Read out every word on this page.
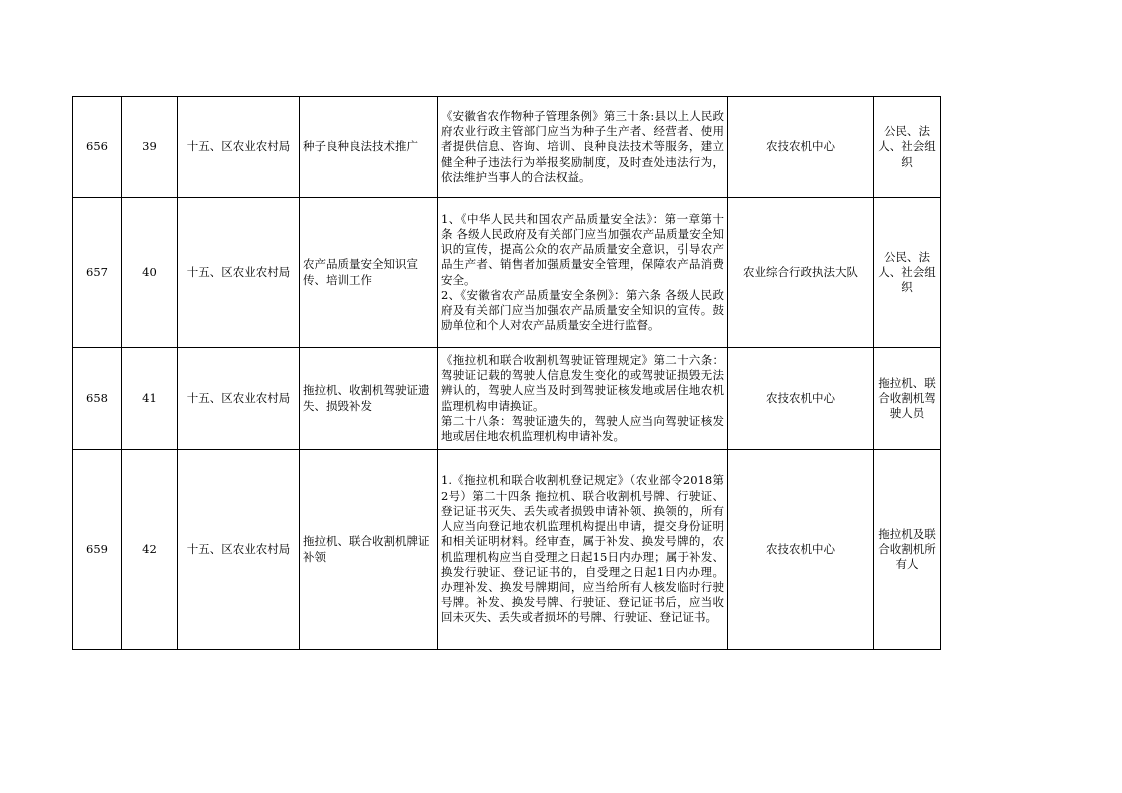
656	39	十五、区农业农村局	种子良种良法技术推广	《安徽省农作物种子管理条例》第三十条:县以上人民政府农业行政主管部门应当为种子生产者、经营者、使用者提供信息、咨询、培训、良种良法技术等服务，建立健全种子违法行为举报奖励制度，及时查处违法行为，依法维护当事人的合法权益。	农技农机中心	公民、法人、社会组织
657	40	十五、区农业农村局	农产品质量安全知识宣传、培训工作	1、《中华人民共和国农产品质量安全法》：第一章第十条 各级人民政府及有关部门应当加强农产品质量安全知识的宣传，提高公众的农产品质量安全意识，引导农产品生产者、销售者加强质量安全管理，保障农产品消费安全。
2、《安徽省农产品质量安全条例》：第六条 各级人民政府及有关部门应当加强农产品质量安全知识的宣传。鼓励单位和个人对农产品质量安全进行监督。	农业综合行政执法大队	公民、法人、社会组织
658	41	十五、区农业农村局	拖拉机、收割机驾驶证遗失、损毁补发	《拖拉机和联合收割机驾驶证管理规定》第二十六条：驾驶证记载的驾驶人信息发生变化的或驾驶证损毁无法辨认的，驾驶人应当及时到驾驶证核发地或居住地农机监理机构申请换证。
第二十八条：驾驶证遗失的，驾驶人应当向驾驶证核发地或居住地农机监理机构申请补发。	农技农机中心	拖拉机、联合收割机驾驶人员
659	42	十五、区农业农村局	拖拉机、联合收割机牌证补领	1.《拖拉机和联合收割机登记规定》（农业部令2018第2号）第二十四条 拖拉机、联合收割机号牌、行驶证、登记证书灭失、丢失或者损毁申请补领、换领的，所有人应当向登记地农机监理机构提出申请，提交身份证明和相关证明材料。经审查，属于补发、换发号牌的，农机监理机构应当自受理之日起15日内办理；属于补发、换发行驶证、登记证书的，自受理之日起1日内办理。办理补发、换发号牌期间，应当给所有人核发临时行驶号牌。补发、换发号牌、行驶证、登记证书后，应当收回未灭失、丢失或者损坏的号牌、行驶证、登记证书。	农技农机中心	拖拉机及联合收割机所有人
